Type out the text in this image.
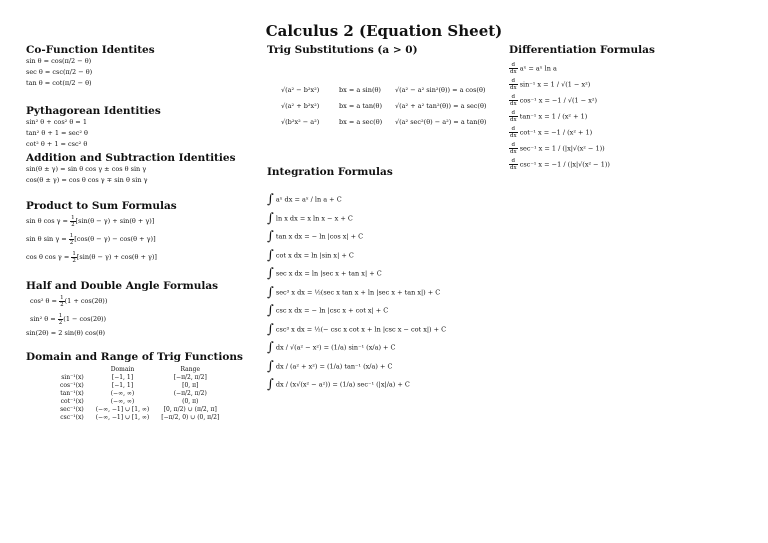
Calculus 2 (Equation Sheet)
Co-Function Identites
sin θ = cos(π/2 − θ)
sec θ = csc(π/2 − θ)
tan θ = cot(π/2 − θ)
Pythagorean Identities
sin² θ + cos² θ = 1
tan² θ + 1 = sec² θ
cot² θ + 1 = csc² θ
Addition and Subtraction Identities
sin(θ ± γ) = sin θ cos γ ± cos θ sin γ
cos(θ ± γ) = cos θ cos γ ∓ sin θ sin γ
Product to Sum Formulas
sin θ $\cos \gamma = \frac{1}{2} [\sin(\theta - \gamma) + \sin(\theta + \gamma)]$
sin θ $\sin \gamma = \frac{1}{2} [\cos(\theta - \gamma) - \cos(\theta + \gamma)]$
cos θ $\cos \gamma = \frac{1}{2} [\sin(\theta - \gamma) + \cos(\theta + \gamma)]$
Half and Double Angle Formulas
cos² $\theta = \frac{1}{2} (1 + \cos(2\theta))$
sin² $\theta = \frac{1}{2} (1 - \cos(2\theta))$
sin(2θ) = 2 sin(θ) cos(θ)
Domain and Range of Trig Functions
	Domain	Range
sin⁻¹(x)	[−1, 1]	[−π/2, π/2]
cos⁻¹(x)	[−1, 1]	[0, π]
tan⁻¹(x)	(−∞, ∞)	(−π/2, π/2)
cot⁻¹(x)	(−∞, ∞)	(0, π)
sec⁻¹(x)	(−∞, −1] ∪ [1, ∞)	[0, π/2) ∪ (π/2, π]
csc⁻¹(x)	(−∞, −1] ∪ [1, ∞)	[−π/2, 0) ∪ (0, π/2]
Trig Substitutions (a > 0)
√(a² − b²x²)	bx = a sin(θ)	√(a² − a² sin²(θ)) = a cos(θ)
√(a² + b²x²)	bx = a tan(θ)	√(a² + a² tan²(θ)) = a sec(θ)
√(b²x² − a²)	bx = a sec(θ)	√(a² sec²(θ) − a²) = a tan(θ)
Integration Formulas
∫ aˣ dx = aˣ / ln a + C
∫ ln x dx = x ln x − x + C
∫ tan x dx = − ln |cos x| + C
∫ cot x dx = ln |sin x| + C
∫ sec x dx = ln |sec x + tan x| + C
∫ sec³ x dx = ½(sec x tan x + ln |sec x + tan x|) + C
∫ csc x dx = − ln |csc x + cot x| + C
∫ csc³ x dx = ½(− csc x cot x + ln |csc x − cot x|) + C
∫ dx / √(a² − x²) = (1/a) sin⁻¹ (x/a) + C
∫ dx / (a² + x²) = (1/a) tan⁻¹ (x/a) + C
∫ dx / (x√(x² − a²)) = (1/a) sec⁻¹ (|x|/a) + C
Differentiation Formulas
$\frac{d}{dx}$ aˣ = aˣ ln a
$\frac{d}{dx} \sin^{-1}$ x = 1 / √(1 − x²)
$\frac{d}{dx} \cos^{-1}$ x = −1 / √(1 − x²)
$\frac{d}{dx} \tan^{-1}$ x = 1 / (x² + 1)
$\frac{d}{dx} \cot^{-1}$ x = −1 / (x² + 1)
$\frac{d}{dx} \sec^{-1}$ x = 1 / (|x|√(x² − 1))
$\frac{d}{dx} \csc^{-1}$ x = −1 / (|x|√(x² − 1))
